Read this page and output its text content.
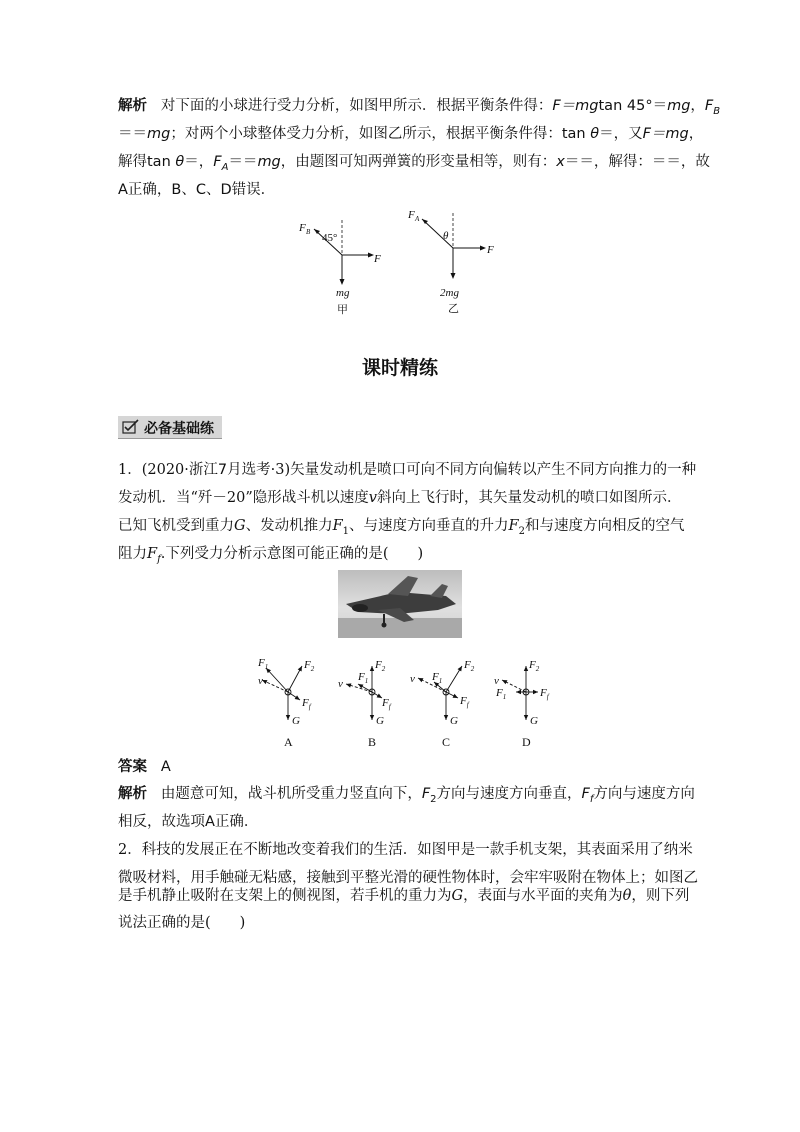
解析 对下面的小球进行受力分析，如图甲所示．根据平衡条件得：F＝mgtan 45°＝mg，$F_B$
＝＝mg；对两个小球整体受力分析，如图乙所示，根据平衡条件得：tan θ＝，又F＝mg，
解得tan θ＝，$F_A==mg$，由题图可知两弹簧的形变量相等，则有：x＝＝，解得：＝＝，故
A正确，B、C、D错误．
F B 45°
F
mg
甲
F A
θ
F
2mg
乙
课时精练
必备基础练
1．(2020·浙江7月选考·3)矢量发动机是喷口可向不同方向偏转以产生不同方向推力的一种
发动机．当“歼－20”隐形战斗机以速度v斜向上飞行时，其矢量发动机的喷口如图所示．
已知飞机受到重力G、发动机推力$F_1$、与速度方向垂直的升力$F_2$和与速度方向相反的空气
阻力$F_f$.下列受力分析示意图可能正确的是(　　)
G
$F_1$	$F_2$
v
$F_f$
A
G
$F_2$
$F_1$
v
$F_f$
B
G
$F_2$
$F_1$
v
$F_f$
C
G
$F_2$
$F_1$
v
$F_f$
D
答案 A
解析 由题意可知，战斗机所受重力竖直向下，$F_2$方向与速度方向垂直，$F_f$方向与速度方向
相反，故选项A正确．
2．科技的发展正在不断地改变着我们的生活．如图甲是一款手机支架，其表面采用了纳米
微吸材料，用手触碰无粘感，接触到平整光滑的硬性物体时，会牢牢吸附在物体上；如图乙
是手机静止吸附在支架上的侧视图，若手机的重力为G，表面与水平面的夹角为θ，则下列
说法正确的是(　　)
